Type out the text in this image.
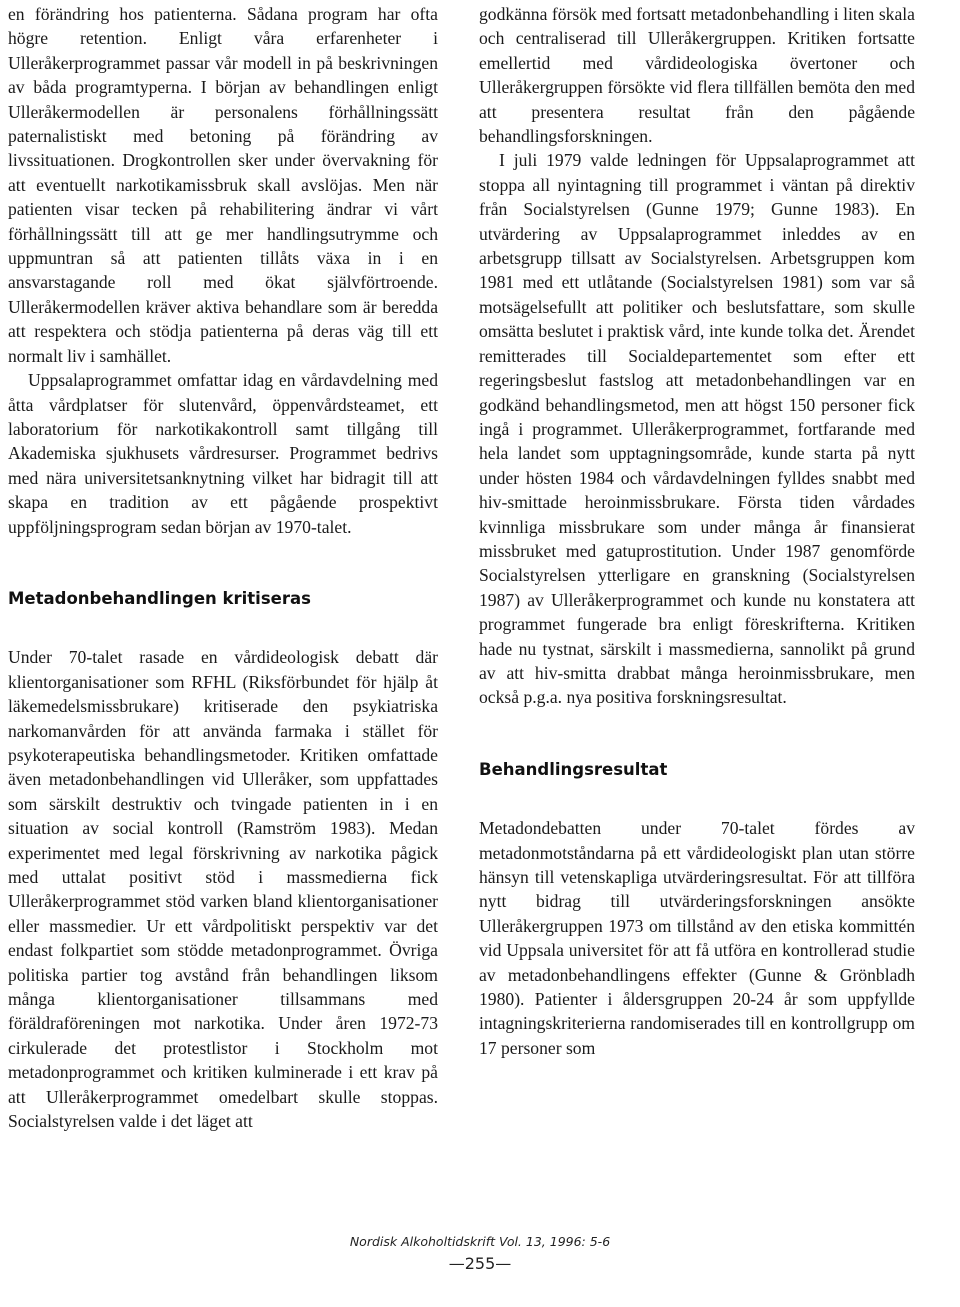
en förändring hos patienterna. Sådana program har ofta högre retention. Enligt våra erfarenheter i Ulleråkerprogrammet passar vår modell in på beskrivningen av båda programtyperna. I början av behandlingen enligt Ulleråkermodellen är personalens förhållningssätt paternalistiskt med betoning på förändring av livssituationen. Drogkontrollen sker under övervakning för att eventuellt narkotikamissbruk skall avslöjas. Men när patienten visar tecken på rehabilitering ändrar vi vårt förhållningssätt till att ge mer handlingsutrymme och uppmuntran så att patienten tillåts växa in i en ansvarstagande roll med ökat självförtroende. Ulleråkermodellen kräver aktiva behandlare som är beredda att respektera och stödja patienterna på deras väg till ett normalt liv i samhället.

Uppsalaprogrammet omfattar idag en vårdavdelning med åtta vårdplatser för slutenvård, öppenvårdsteamet, ett laboratorium för narkotikakontroll samt tillgång till Akademiska sjukhusets vårdresurser. Programmet bedrivs med nära universitetsanknytning vilket har bidragit till att skapa en tradition av ett pågående prospektivt uppföljningsprogram sedan början av 1970-talet.

Metadonbehandlingen kritiseras

Under 70-talet rasade en vårdideologisk debatt där klientorganisationer som RFHL (Riksförbundet för hjälp åt läkemedelsmissbrukare) kritiserade den psykiatriska narkomanvården för att använda farmaka i stället för psykoterapeutiska behandlingsmetoder. Kritiken omfattade även metadonbehandlingen vid Ulleråker, som uppfattades som särskilt destruktiv och tvingade patienten in i en situation av social kontroll (Ramström 1983). Medan experimentet med legal förskrivning av narkotika pågick med uttalat positivt stöd i massmedierna fick Ulleråkerprogrammet stöd varken bland klientorganisationer eller massmedier. Ur ett vårdpolitiskt perspektiv var det endast folkpartiet som stödde metadonprogrammet. Övriga politiska partier tog avstånd från behandlingen liksom många klientorganisationer tillsammans med föräldraföreningen mot narkotika. Under åren 1972-73 cirkulerade det protestlistor i Stockholm mot metadonprogrammet och kritiken kulminerade i ett krav på att Ulleråkerprogrammet omedelbart skulle stoppas. Socialstyrelsen valde i det läget att

godkänna försök med fortsatt metadonbehandling i liten skala och centraliserad till Ulleråkergruppen. Kritiken fortsatte emellertid med vårdideologiska övertoner och Ulleråkergruppen försökte vid flera tillfällen bemöta den med att presentera resultat från den pågående behandlingsforskningen.

I juli 1979 valde ledningen för Uppsalaprogrammet att stoppa all nyintagning till programmet i väntan på direktiv från Socialstyrelsen (Gunne 1979; Gunne 1983). En utvärdering av Uppsalaprogrammet inleddes av en arbetsgrupp tillsatt av Socialstyrelsen. Arbetsgruppen kom 1981 med ett utlåtande (Socialstyrelsen 1981) som var så motsägelsefullt att politiker och beslutsfattare, som skulle omsätta beslutet i praktisk vård, inte kunde tolka det. Ärendet remitterades till Socialdepartementet som efter ett regeringsbeslut fastslog att metadonbehandlingen var en godkänd behandlingsmetod, men att högst 150 personer fick ingå i programmet. Ulleråkerprogrammet, fortfarande med hela landet som upptagningsområde, kunde starta på nytt under hösten 1984 och vårdavdelningen fylldes snabbt med hiv-smittade heroinmissbrukare. Första tiden vårdades kvinnliga missbrukare som under många år finansierat missbruket med gatuprostitution. Under 1987 genomförde Socialstyrelsen ytterligare en granskning (Socialstyrelsen 1987) av Ulleråkerprogrammet och kunde nu konstatera att programmet fungerade bra enligt föreskrifterna. Kritiken hade nu tystnat, särskilt i massmedierna, sannolikt på grund av att hiv-smitta drabbat många heroinmissbrukare, men också p.g.a. nya positiva forskningsresultat.

Behandlingsresultat

Metadondebatten under 70-talet fördes av metadonmotståndarna på ett vårdideologiskt plan utan större hänsyn till vetenskapliga utvärderingsresultat. För att tillföra nytt bidrag till utvärderingsforskningen ansökte Ulleråkergruppen 1973 om tillstånd av den etiska kommittén vid Uppsala universitet för att få utföra en kontrollerad studie av metadonbehandlingens effekter (Gunne & Grönbladh 1980). Patienter i åldersgruppen 20-24 år som uppfyllde intagningskriterierna randomiserades till en kontrollgrupp om 17 personer som

Nordisk Alkoholtidskrift Vol. 13, 1996: 5-6
—255—
